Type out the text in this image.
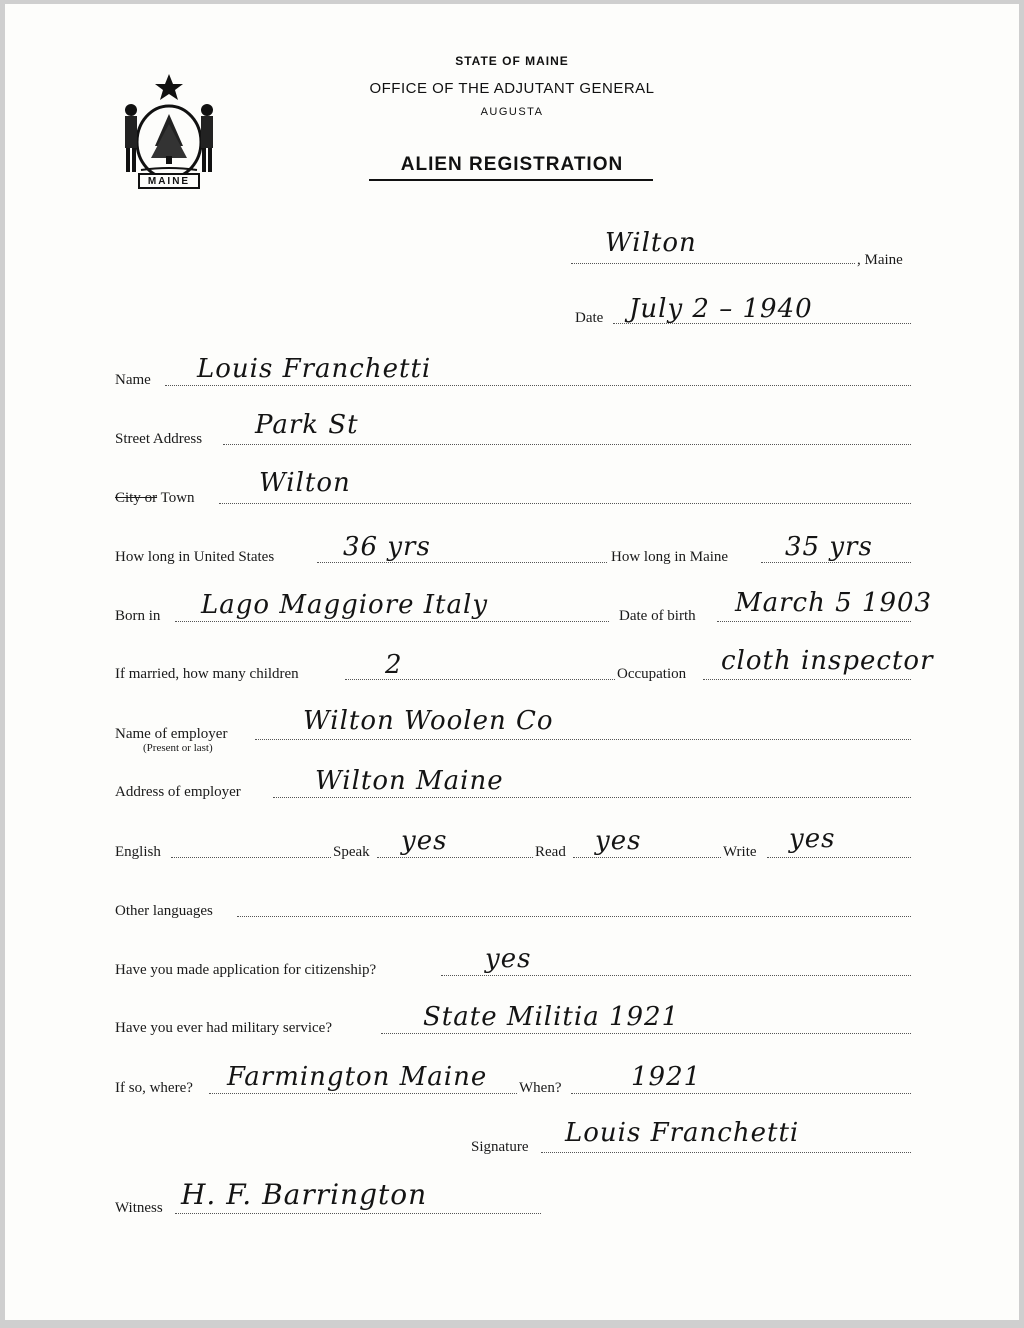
MAINE
STATE OF MAINE
OFFICE OF THE ADJUTANT GENERAL
AUGUSTA
ALIEN REGISTRATION
Wilton
, Maine
Date July 2 – 1940
Name Louis Franchetti
Street Address Park St
City or Town Wilton
How long in United States	36 yrs	How long in Maine 35 yrs
Born in Lago Maggiore Italy	Date of birth March 5 1903
If married, how many children	2	Occupation cloth inspector
Name of employer
(Present or last)
Wilton Woolen Co
Address of employer	Wilton Maine
English	Speak yes	Read yes	Write yes
Other languages
Have you made application for citizenship?	yes
Have you ever had military service?	State Militia 1921
If so, where? Farmington Maine When?	1921
Signature Louis Franchetti
Witness H. F. Barrington
